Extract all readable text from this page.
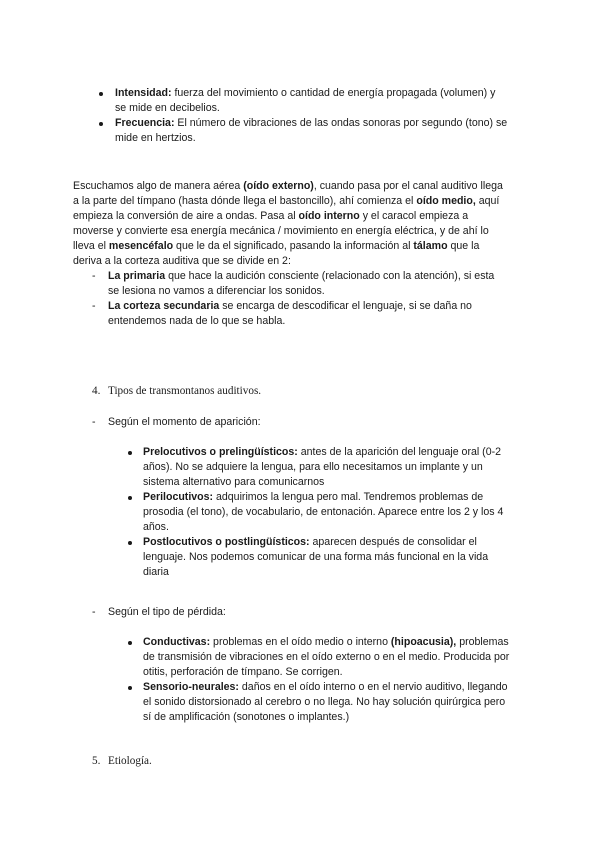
Intensidad: fuerza del movimiento o cantidad de energía propagada (volumen) y
se mide en decibelios.
Frecuencia: El número de vibraciones de las ondas sonoras por segundo (tono) se
mide en hertzios.
Escuchamos algo de manera aérea (oído externo), cuando pasa por el canal auditivo llega
a la parte del tímpano (hasta dónde llega el bastoncillo), ahí comienza el oído medio, aquí
empieza la conversión de aire a ondas. Pasa al oído interno y el caracol empieza a
moverse y convierte esa energía mecánica / movimiento en energía eléctrica, y de ahí lo
lleva el mesencéfalo que le da el significado, pasando la información al tálamo que la
deriva a la corteza auditiva que se divide en 2:
- La primaria que hace la audición consciente (relacionado con la atención), si esta
se lesiona no vamos a diferenciar los sonidos.
- La corteza secundaria se encarga de descodificar el lenguaje, si se daña no
entendemos nada de lo que se habla.
4. Tipos de transmontanos auditivos.
- Según el momento de aparición:
Prelocutivos o prelingüísticos: antes de la aparición del lenguaje oral (0-2
años). No se adquiere la lengua, para ello necesitamos un implante y un
sistema alternativo para comunicarnos
Perilocutivos: adquirimos la lengua pero mal. Tendremos problemas de
prosodia (el tono), de vocabulario, de entonación. Aparece entre los 2 y los 4
años.
Postlocutivos o postlingüísticos: aparecen después de consolidar el
lenguaje. Nos podemos comunicar de una forma más funcional en la vida
diaria
- Según el tipo de pérdida:
Conductivas: problemas en el oído medio o interno (hipoacusia), problemas
de transmisión de vibraciones en el oído externo o en el medio. Producida por
otitis, perforación de tímpano. Se corrigen.
Sensorio-neurales: daños en el oído interno o en el nervio auditivo, llegando
el sonido distorsionado al cerebro o no llega. No hay solución quirúrgica pero
sí de amplificación (sonotones o implantes.)
5. Etiología.
